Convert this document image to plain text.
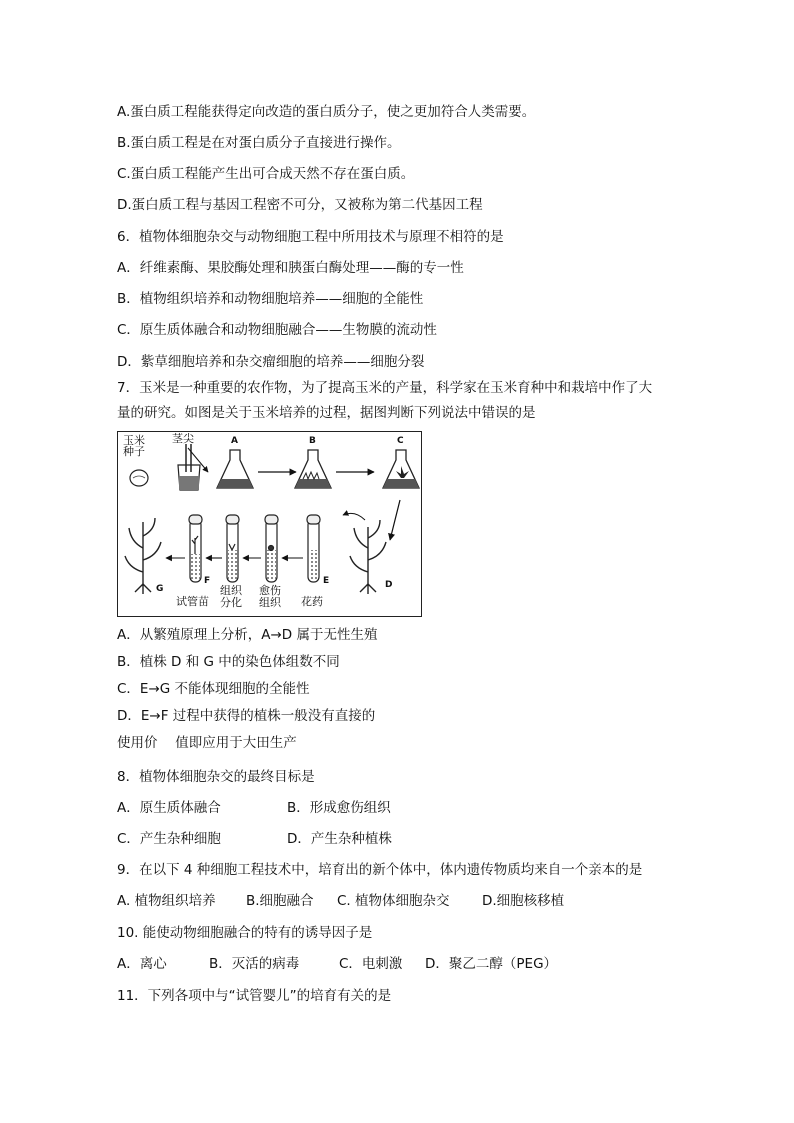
A.蛋白质工程能获得定向改造的蛋白质分子，使之更加符合人类需要。
B.蛋白质工程是在对蛋白质分子直接进行操作。
C.蛋白质工程能产生出可合成天然不存在蛋白质。
D.蛋白质工程与基因工程密不可分，又被称为第二代基因工程
6．植物体细胞杂交与动物细胞工程中所用技术与原理不相符的是
A．纤维素酶、果胶酶处理和胰蛋白酶处理——酶的专一性
B．植物组织培养和动物细胞培养——细胞的全能性
C．原生质体融合和动物细胞融合——生物膜的流动性
D．紫草细胞培养和杂交瘤细胞的培养——细胞分裂
7．玉米是一种重要的农作物，为了提高玉米的产量，科学家在玉米育种中和栽培中作了大
量的研究。如图是关于玉米培养的过程，据图判断下列说法中错误的是
玉米
种子
茎尖	A	B	C
D
E
F
G
试管苗
组织
分化
愈伤
组织 花药
A．从繁殖原理上分析，A→D 属于无性生殖
B．植株 D 和 G 中的染色体组数不同
C．E→G 不能体现细胞的全能性
D．E→F 过程中获得的植株一般没有直接的
使用价　 值即应用于大田生产
8．植物体细胞杂交的最终目标是
A．原生质体融合	B．形成愈伤组织
C．产生杂种细胞	D．产生杂种植株
9．在以下 4 种细胞工程技术中，培育出的新个体中，体内遗传物质均来自一个亲本的是
A. 植物组织培养 B.细胞融合 C. 植物体细胞杂交 D.细胞核移植
10. 能使动物细胞融合的特有的诱导因子是
A．离心	B．灭活的病毒	C．电刺激 D．聚乙二醇（PEG）
11．下列各项中与“试管婴儿”的培育有关的是
